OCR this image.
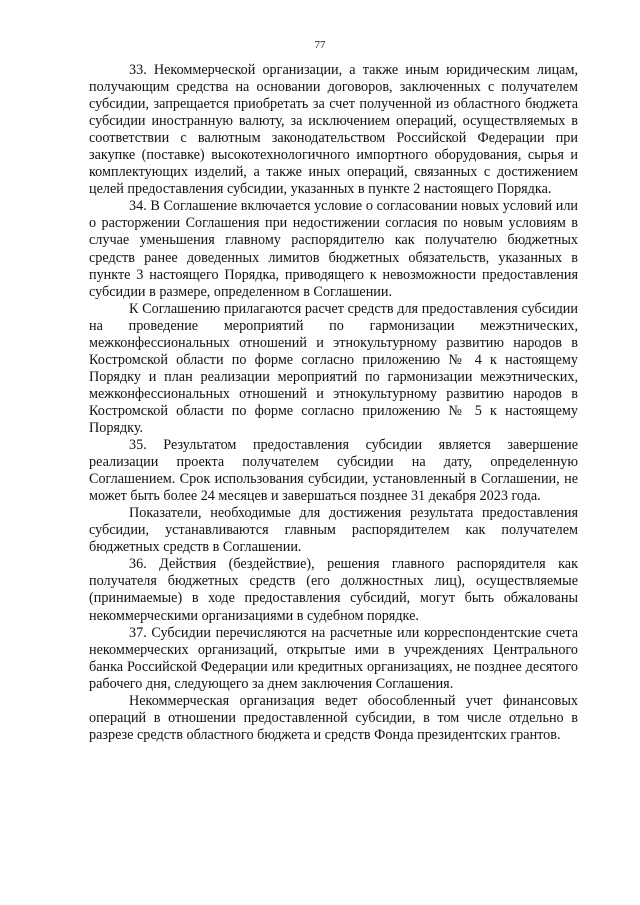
77

33. Некоммерческой организации, а также иным юридическим лицам, получающим средства на основании договоров, заключенных с получателем субсидии, запрещается приобретать за счет полученной из областного бюджета субсидии иностранную валюту, за исключением операций, осуществляемых в соответствии с валютным законодательством Российской Федерации при закупке (поставке) высокотехнологичного импортного оборудования, сырья и комплектующих изделий, а также иных операций, связанных с достижением целей предоставления субсидии, указанных в пункте 2 настоящего Порядка.

34. В Соглашение включается условие о согласовании новых условий или о расторжении Соглашения при недостижении согласия по новым условиям в случае уменьшения главному распорядителю как получателю бюджетных средств ранее доведенных лимитов бюджетных обязательств, указанных в пункте 3 настоящего Порядка, приводящего к невозможности предоставления субсидии в размере, определенном в Соглашении.

К Соглашению прилагаются расчет средств для предоставления субсидии на проведение мероприятий по гармонизации межэтнических, межконфессиональных отношений и этнокультурному развитию народов в Костромской области по форме согласно приложению № 4 к настоящему Порядку и план реализации мероприятий по гармонизации межэтнических, межконфессиональных отношений и этнокультурному развитию народов в Костромской области по форме согласно приложению № 5 к настоящему Порядку.

35. Результатом предоставления субсидии является завершение реализации проекта получателем субсидии на дату, определенную Соглашением. Срок использования субсидии, установленный в Соглашении, не может быть более 24 месяцев и завершаться позднее 31 декабря 2023 года.

Показатели, необходимые для достижения результата предоставления субсидии, устанавливаются главным распорядителем как получателем бюджетных средств в Соглашении.

36. Действия (бездействие), решения главного распорядителя как получателя бюджетных средств (его должностных лиц), осуществляемые (принимаемые) в ходе предоставления субсидий, могут быть обжалованы некоммерческими организациями в судебном порядке.

37. Субсидии перечисляются на расчетные или корреспондентские счета некоммерческих организаций, открытые ими в учреждениях Центрального банка Российской Федерации или кредитных организациях, не позднее десятого рабочего дня, следующего за днем заключения Соглашения.

Некоммерческая организация ведет обособленный учет финансовых операций в отношении предоставленной субсидии, в том числе отдельно в разрезе средств областного бюджета и средств Фонда президентских грантов.
